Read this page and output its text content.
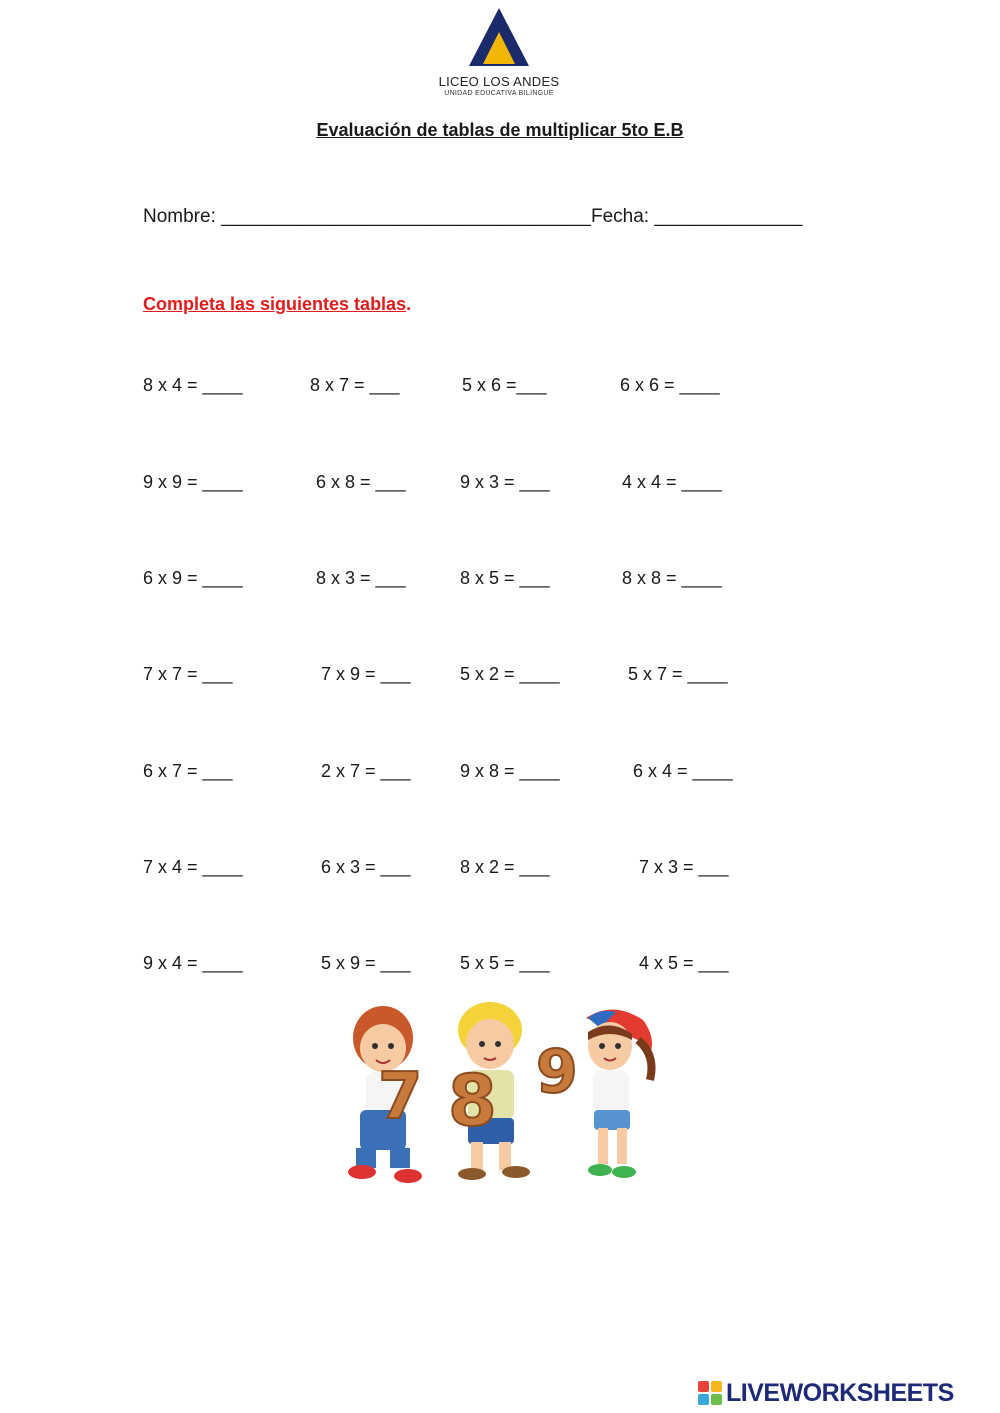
LICEO LOS ANDES
UNIDAD EDUCATIVA BILINGUE
Evaluación de tablas de multiplicar 5to E.B
Nombre: ___________________________________Fecha: ______________
Completa las siguientes tablas.
8 x 4 = ____	8 x 7 = ___	5 x 6 =___	6 x 6 = ____
9 x 9 = ____	6 x 8 = ___	9 x 3 = ___	4 x 4 = ____
6 x 9 = ____	8 x 3 = ___	8 x 5 = ___	8 x 8 = ____
7 x 7 = ___	7 x 9 = ___	5 x 2 = ____	5 x 7 = ____
6 x 7 = ___	2 x 7 = ___	9 x 8 = ____	6 x 4 = ____
7 x 4 = ____	6 x 3 = ___	8 x 2 = ___	7 x 3 = ___
9 x 4 = ____	5 x 9 = ___	5 x 5 = ___	4 x 5 = ___
7 8 9
LIVEWORKSHEETS
